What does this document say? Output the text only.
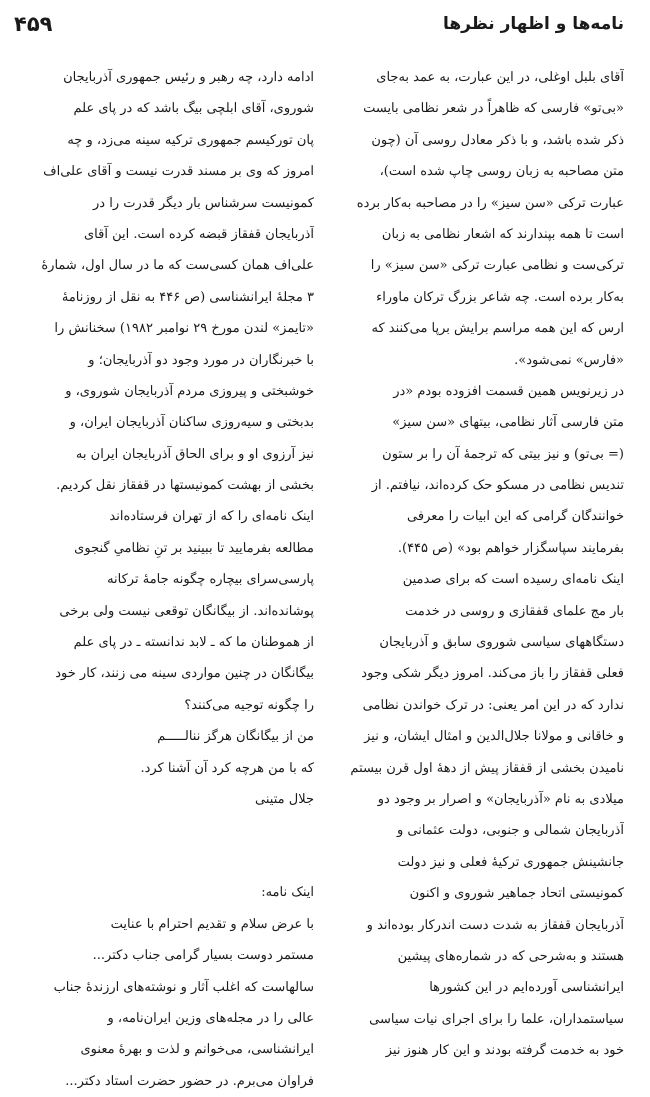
۴۵۹	نامه‌ها و اظهار نظرها
آقای بلبل اوغلی، در این عبارت، به عمد به‌جای
«بی‌تو» فارسی که ظاهراً در شعر نظامی بایست
ذکر شده باشد، و با ذکر معادل روسی آن (چون
متن مصاحبه به زبان روسی چاپ شده است)،
عبارت ترکی «سن سیز» را در مصاحبه به‌کار برده
است تا همه بپندارند که اشعار نظامی به زبان
ترکی‌ست و نظامی عبارت ترکی «سن سیز» را
به‌کار برده است. چه شاعر بزرگ ترکان ماوراء
ارس که این همه مراسم برایش برپا می‌کنند که
«فارس» نمی‌شود».
در زیرنویس همین قسمت افزوده بودم «در
متن فارسی آثار نظامی، بیتهای «سن سیز»
(= بی‌تو) و نیز بیتی که ترجمهٔ آن را بر ستون
تندیس نظامی در مسکو حک کرده‌اند، نیافتم. از
خوانندگان گرامی که این ابیات را معرفی
بفرمایند سپاسگزار خواهم بود» (ص ۴۴۵).
اینک نامه‌ای رسیده است که برای صدمین
بار مج علمای قفقازی و روسی در خدمت
دستگاههای سیاسی شوروی سابق و آذربایجان
فعلی قفقاز را باز می‌کند. امروز دیگر شکی وجود
ندارد که در این امر یعنی: در ترک خواندن نظامی
و خاقانی و مولانا جلال‌الدین و امثال ایشان، و نیز
نامیدن بخشی از قفقاز پیش از دههٔ اول قرن بیستم
میلادی به نام «آذربایجان» و اصرار بر وجود دو
آذربایجان شمالی و جنوبی، دولت عثمانی و
جانشینش جمهوری ترکیهٔ فعلی و نیز دولت
کمونیستی اتحاد جماهیر شوروی و اکنون
آذربایجان قفقاز به شدت دست اندرکار بوده‌اند و
هستند و به‌شرحی که در شماره‌های پیشین
ایرانشناسی آورده‌ایم در این کشورها
سیاستمداران، علما را برای اجرای نیات سیاسی
خود به خدمت گرفته بودند و این کار هنوز نیز
ادامه دارد، چه رهبر و رئیس جمهوری آذربایجان
شوروی، آقای ابلچی بیگ باشد که در پای علم
پان تورکیسم جمهوری ترکیه سینه می‌زد، و چه
امروز که وی بر مسند قدرت نیست و آقای علی‌اف
کمونیست سرشناس بار دیگر قدرت را در
آذربایجان قفقاز قبضه کرده است. این آقای
علی‌اف همان کسی‌ست که ما در سال اول، شمارهٔ
۳ مجلهٔ ایرانشناسی (ص ۴۴۶ به نقل از روزنامهٔ
«تایمز» لندن مورخ ۲۹ نوامبر ۱۹۸۲) سخنانش را
با خبرنگاران در مورد وجود دو آذربایجان؛ و
خوشبختی و پیروزی مردم آذربایجان شوروی، و
بدبختی و سیه‌روزی ساکنان آذربایجان ایران، و
نیز آرزوی او و برای الحاق آذربایجان ایران به
بخشی از بهشت کمونیستها در قفقاز نقل کردیم.
اینک نامه‌ای را که از تهران فرستاده‌اند
مطالعه بفرمایید تا ببینید بر تنِ نظامیِ گنجوی
پارسی‌سرای بیچاره چگونه جامهٔ ترکانه
پوشانده‌اند. از بیگانگان توقعی نیست ولی برخی
از هموطنان ما که ـ لابد ندانسته ـ در پای علم
بیگانگان در چنین مواردی سینه می زنند، کار خود
را چگونه توجیه می‌کنند؟
من از بیگانگان هرگز ننالـــــم
که با من هرچه کرد آن آشنا کرد.
جلال متینی
اینک نامه:
با عرض سلام و تقدیم احترام با عنایت
مستمر دوست بسیار گرامی جناب دکتر...
سالهاست که اغلب آثار و نوشته‌های ارزندهٔ جناب
عالی را در مجله‌های وزین ایران‌نامه، و
ایرانشناسی، می‌خوانم و لذت و بهرهٔ معنوی
فراوان می‌برم. در حضور حضرت استاد دکتر...
